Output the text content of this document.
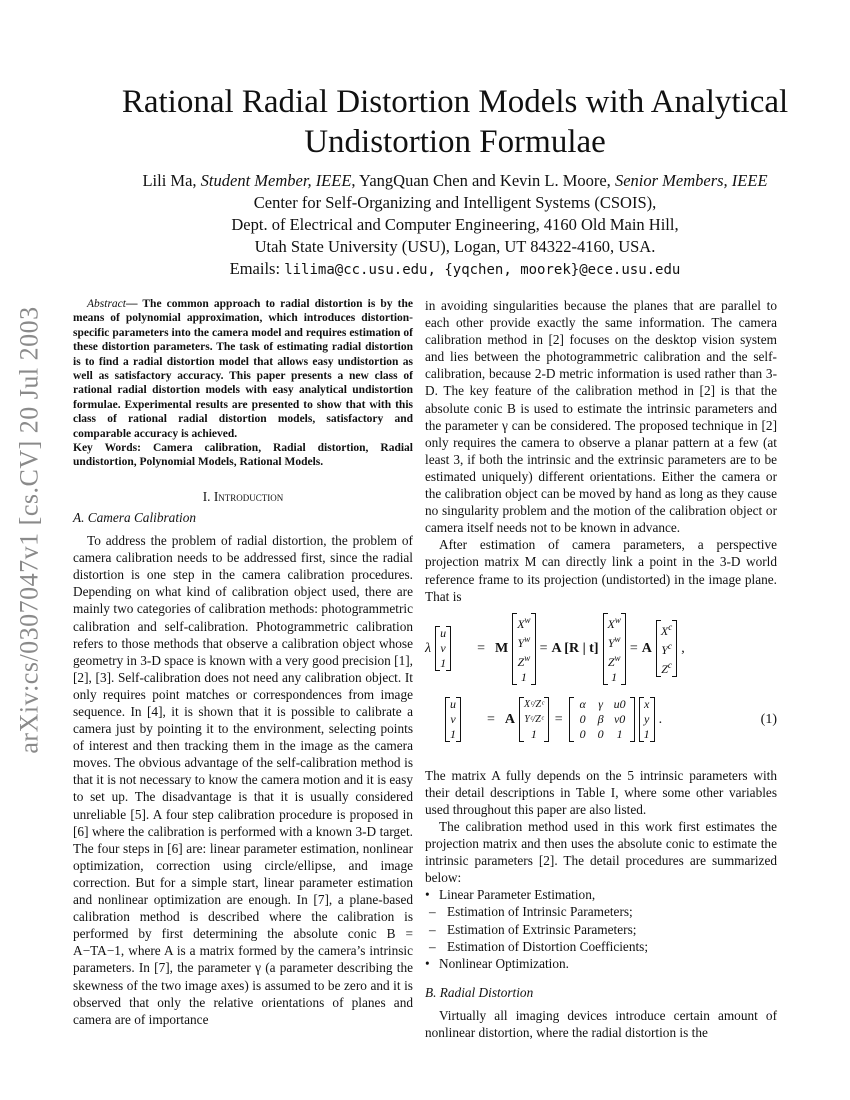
arXiv:cs/0307047v1 [cs.CV] 20 Jul 2003
Rational Radial Distortion Models with Analytical Undistortion Formulae
Lili Ma, Student Member, IEEE, YangQuan Chen and Kevin L. Moore, Senior Members, IEEE
Center for Self-Organizing and Intelligent Systems (CSOIS),
Dept. of Electrical and Computer Engineering, 4160 Old Main Hill,
Utah State University (USU), Logan, UT 84322-4160, USA.
Emails: lilima@cc.usu.edu, {yqchen, moorek}@ece.usu.edu

Abstract— The common approach to radial distortion is by the means of polynomial approximation, which introduces distortion-specific parameters into the camera model and requires estimation of these distortion parameters. The task of estimating radial distortion is to find a radial distortion model that allows easy undistortion as well as satisfactory accuracy. This paper presents a new class of rational radial distortion models with easy analytical undistortion formulae. Experimental results are presented to show that with this class of rational radial distortion models, satisfactory and comparable accuracy is achieved.

Key Words: Camera calibration, Radial distortion, Radial undistortion, Polynomial Models, Rational Models.

I. Introduction
A. Camera Calibration

To address the problem of radial distortion, the problem of camera calibration needs to be addressed first, since the radial distortion is one step in the camera calibration procedures. Depending on what kind of calibration object used, there are mainly two categories of calibration methods: photogrammetric calibration and self-calibration. Photogrammetric calibration refers to those methods that observe a calibration object whose geometry in 3-D space is known with a very good precision [1], [2], [3]. Self-calibration does not need any calibration object. It only requires point matches or correspondences from image sequence. In [4], it is shown that it is possible to calibrate a camera just by pointing it to the environment, selecting points of interest and then tracking them in the image as the camera moves. The obvious advantage of the self-calibration method is that it is not necessary to know the camera motion and it is easy to set up. The disadvantage is that it is usually considered unreliable [5]. A four step calibration procedure is proposed in [6] where the calibration is performed with a known 3-D target. The four steps in [6] are: linear parameter estimation, nonlinear optimization, correction using circle/ellipse, and image correction. But for a simple start, linear parameter estimation and nonlinear optimization are enough. In [7], a plane-based calibration method is described where the calibration is performed by first determining the absolute conic B = A−TA−1, where A is a matrix formed by the camera’s intrinsic parameters. In [7], the parameter γ (a parameter describing the skewness of the two image axes) is assumed to be zero and it is observed that only the relative orientations of planes and camera are of importance

in avoiding singularities because the planes that are parallel to each other provide exactly the same information. The camera calibration method in [2] focuses on the desktop vision system and lies between the photogrammetric calibration and the self-calibration, because 2-D metric information is used rather than 3-D. The key feature of the calibration method in [2] is that the absolute conic B is used to estimate the intrinsic parameters and the parameter γ can be considered. The proposed technique in [2] only requires the camera to observe a planar pattern at a few (at least 3, if both the intrinsic and the extrinsic parameters are to be estimated uniquely) different orientations. Either the camera or the calibration object can be moved by hand as long as they cause no singularity problem and the motion of the calibration object or camera itself needs not to be known in advance.

After estimation of camera parameters, a perspective projection matrix M can directly link a point in the 3-D world reference frame to its projection (undistorted) in the image plane. That is

λ
u
v
1
= M
$X^w$
$Y^w$
$Z^w$
1
= A [R | t]
$X^w$
$Y^w$
$Z^w$
1
= A
$X^c$
$Y^c$
$Z^c$
,
u
v
1
= A
Xᶜ/Zᶜ
Yᶜ/Zᶜ
1
=
α	γ u0
0	β v0
0	0	1
x
y
1
.	(1)

The matrix A fully depends on the 5 intrinsic parameters with their detail descriptions in Table I, where some other variables used throughout this paper are also listed.

The calibration method used in this work first estimates the projection matrix and then uses the absolute conic to estimate the intrinsic parameters [2]. The detail procedures are summarized below:

• Linear Parameter Estimation,
– Estimation of Intrinsic Parameters;
– Estimation of Extrinsic Parameters;
– Estimation of Distortion Coefficients;
• Nonlinear Optimization.
B. Radial Distortion

Virtually all imaging devices introduce certain amount of nonlinear distortion, where the radial distortion is the
